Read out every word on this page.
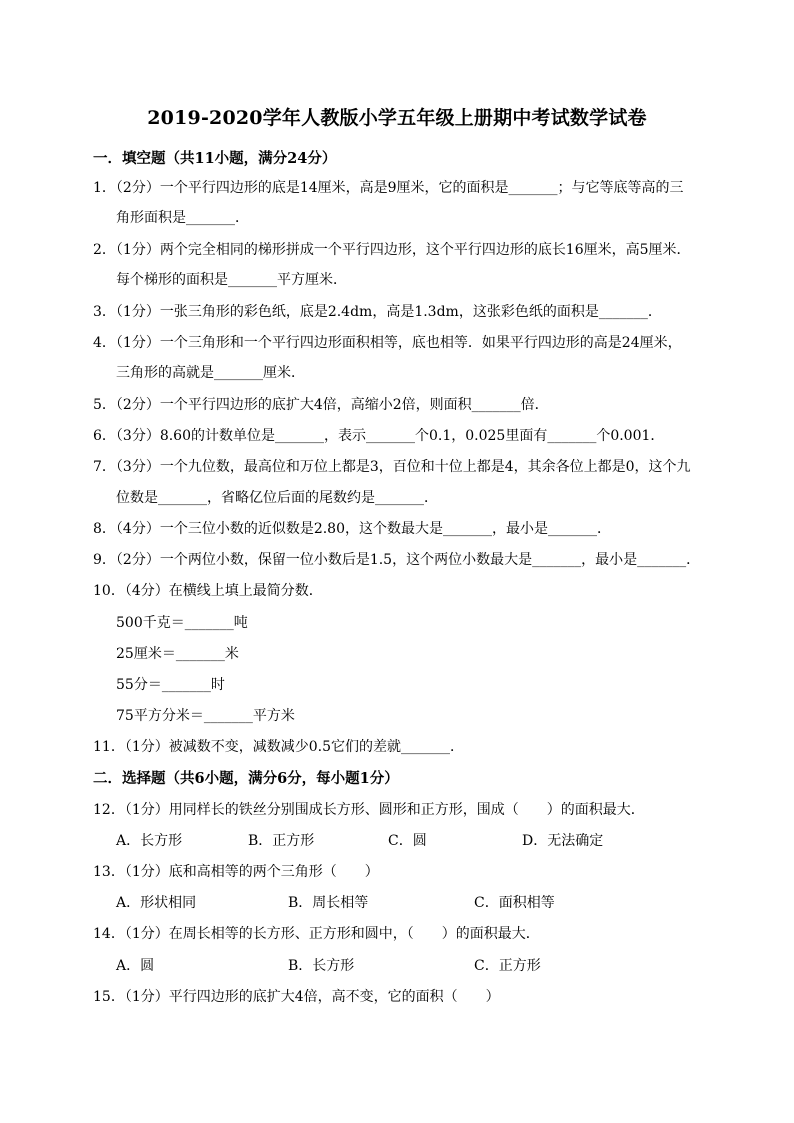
2019-2020学年人教版小学五年级上册期中考试数学试卷
一．填空题（共11小题，满分24分）
1．（2分）一个平行四边形的底是14厘米，高是9厘米，它的面积是_______；与它等底等高的三
角形面积是_______．
2．（1分）两个完全相同的梯形拼成一个平行四边形，这个平行四边形的底长16厘米，高5厘米．
每个梯形的面积是_______平方厘米．
3．（1分）一张三角形的彩色纸，底是2.4dm，高是1.3dm，这张彩色纸的面积是_______．
4．（1分）一个三角形和一个平行四边形面积相等，底也相等．如果平行四边形的高是24厘米，
三角形的高就是_______厘米．
5．（2分）一个平行四边形的底扩大4倍，高缩小2倍，则面积_______倍．
6．（3分）8.60的计数单位是_______，表示_______个0.1，0.025里面有_______个0.001．
7．（3分）一个九位数，最高位和万位上都是3，百位和十位上都是4，其余各位上都是0，这个九
位数是_______，省略亿位后面的尾数约是_______．
8．（4分）一个三位小数的近似数是2.80，这个数最大是_______，最小是_______．
9．（2分）一个两位小数，保留一位小数后是1.5，这个两位小数最大是_______，最小是_______．
10．（4分）在横线上填上最简分数．
500千克＝_______吨
25厘米＝_______米
55分＝_______时
75平方分米＝_______平方米
11．（1分）被减数不变，减数减少0.5它们的差就_______．
二．选择题（共6小题，满分6分，每小题1分）
12．（1分）用同样长的铁丝分别围成长方形、圆形和正方形，围成（　　）的面积最大．
A．长方形	B．正方形	C．圆	D．无法确定
13．（1分）底和高相等的两个三角形（　　）
A．形状相同	B．周长相等	C．面积相等
14．（1分）在周长相等的长方形、正方形和圆中，（　　）的面积最大．
A．圆	B．长方形	C．正方形
15．（1分）平行四边形的底扩大4倍，高不变，它的面积（　　）
